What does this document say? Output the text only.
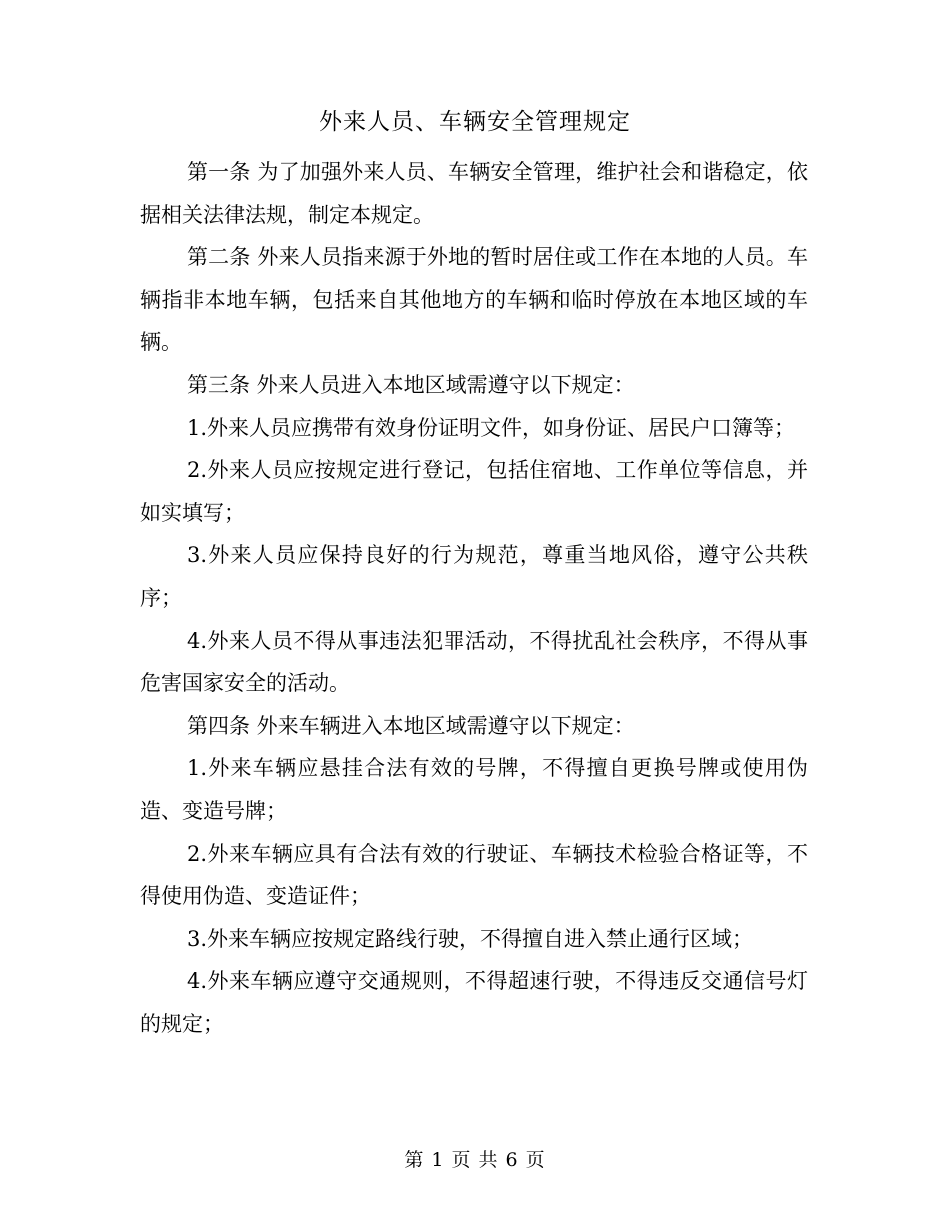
外来人员、车辆安全管理规定

第一条 为了加强外来人员、车辆安全管理，维护社会和谐稳定，依据相关法律法规，制定本规定。

第二条 外来人员指来源于外地的暂时居住或工作在本地的人员。车辆指非本地车辆，包括来自其他地方的车辆和临时停放在本地区域的车辆。

第三条 外来人员进入本地区域需遵守以下规定：

1.外来人员应携带有效身份证明文件，如身份证、居民户口簿等；

2.外来人员应按规定进行登记，包括住宿地、工作单位等信息，并如实填写；

3.外来人员应保持良好的行为规范，尊重当地风俗，遵守公共秩序；

4.外来人员不得从事违法犯罪活动，不得扰乱社会秩序，不得从事危害国家安全的活动。

第四条 外来车辆进入本地区域需遵守以下规定：

1.外来车辆应悬挂合法有效的号牌，不得擅自更换号牌或使用伪造、变造号牌；

2.外来车辆应具有合法有效的行驶证、车辆技术检验合格证等，不得使用伪造、变造证件；

3.外来车辆应按规定路线行驶，不得擅自进入禁止通行区域；

4.外来车辆应遵守交通规则，不得超速行驶，不得违反交通信号灯的规定；

第 1 页 共 6 页
